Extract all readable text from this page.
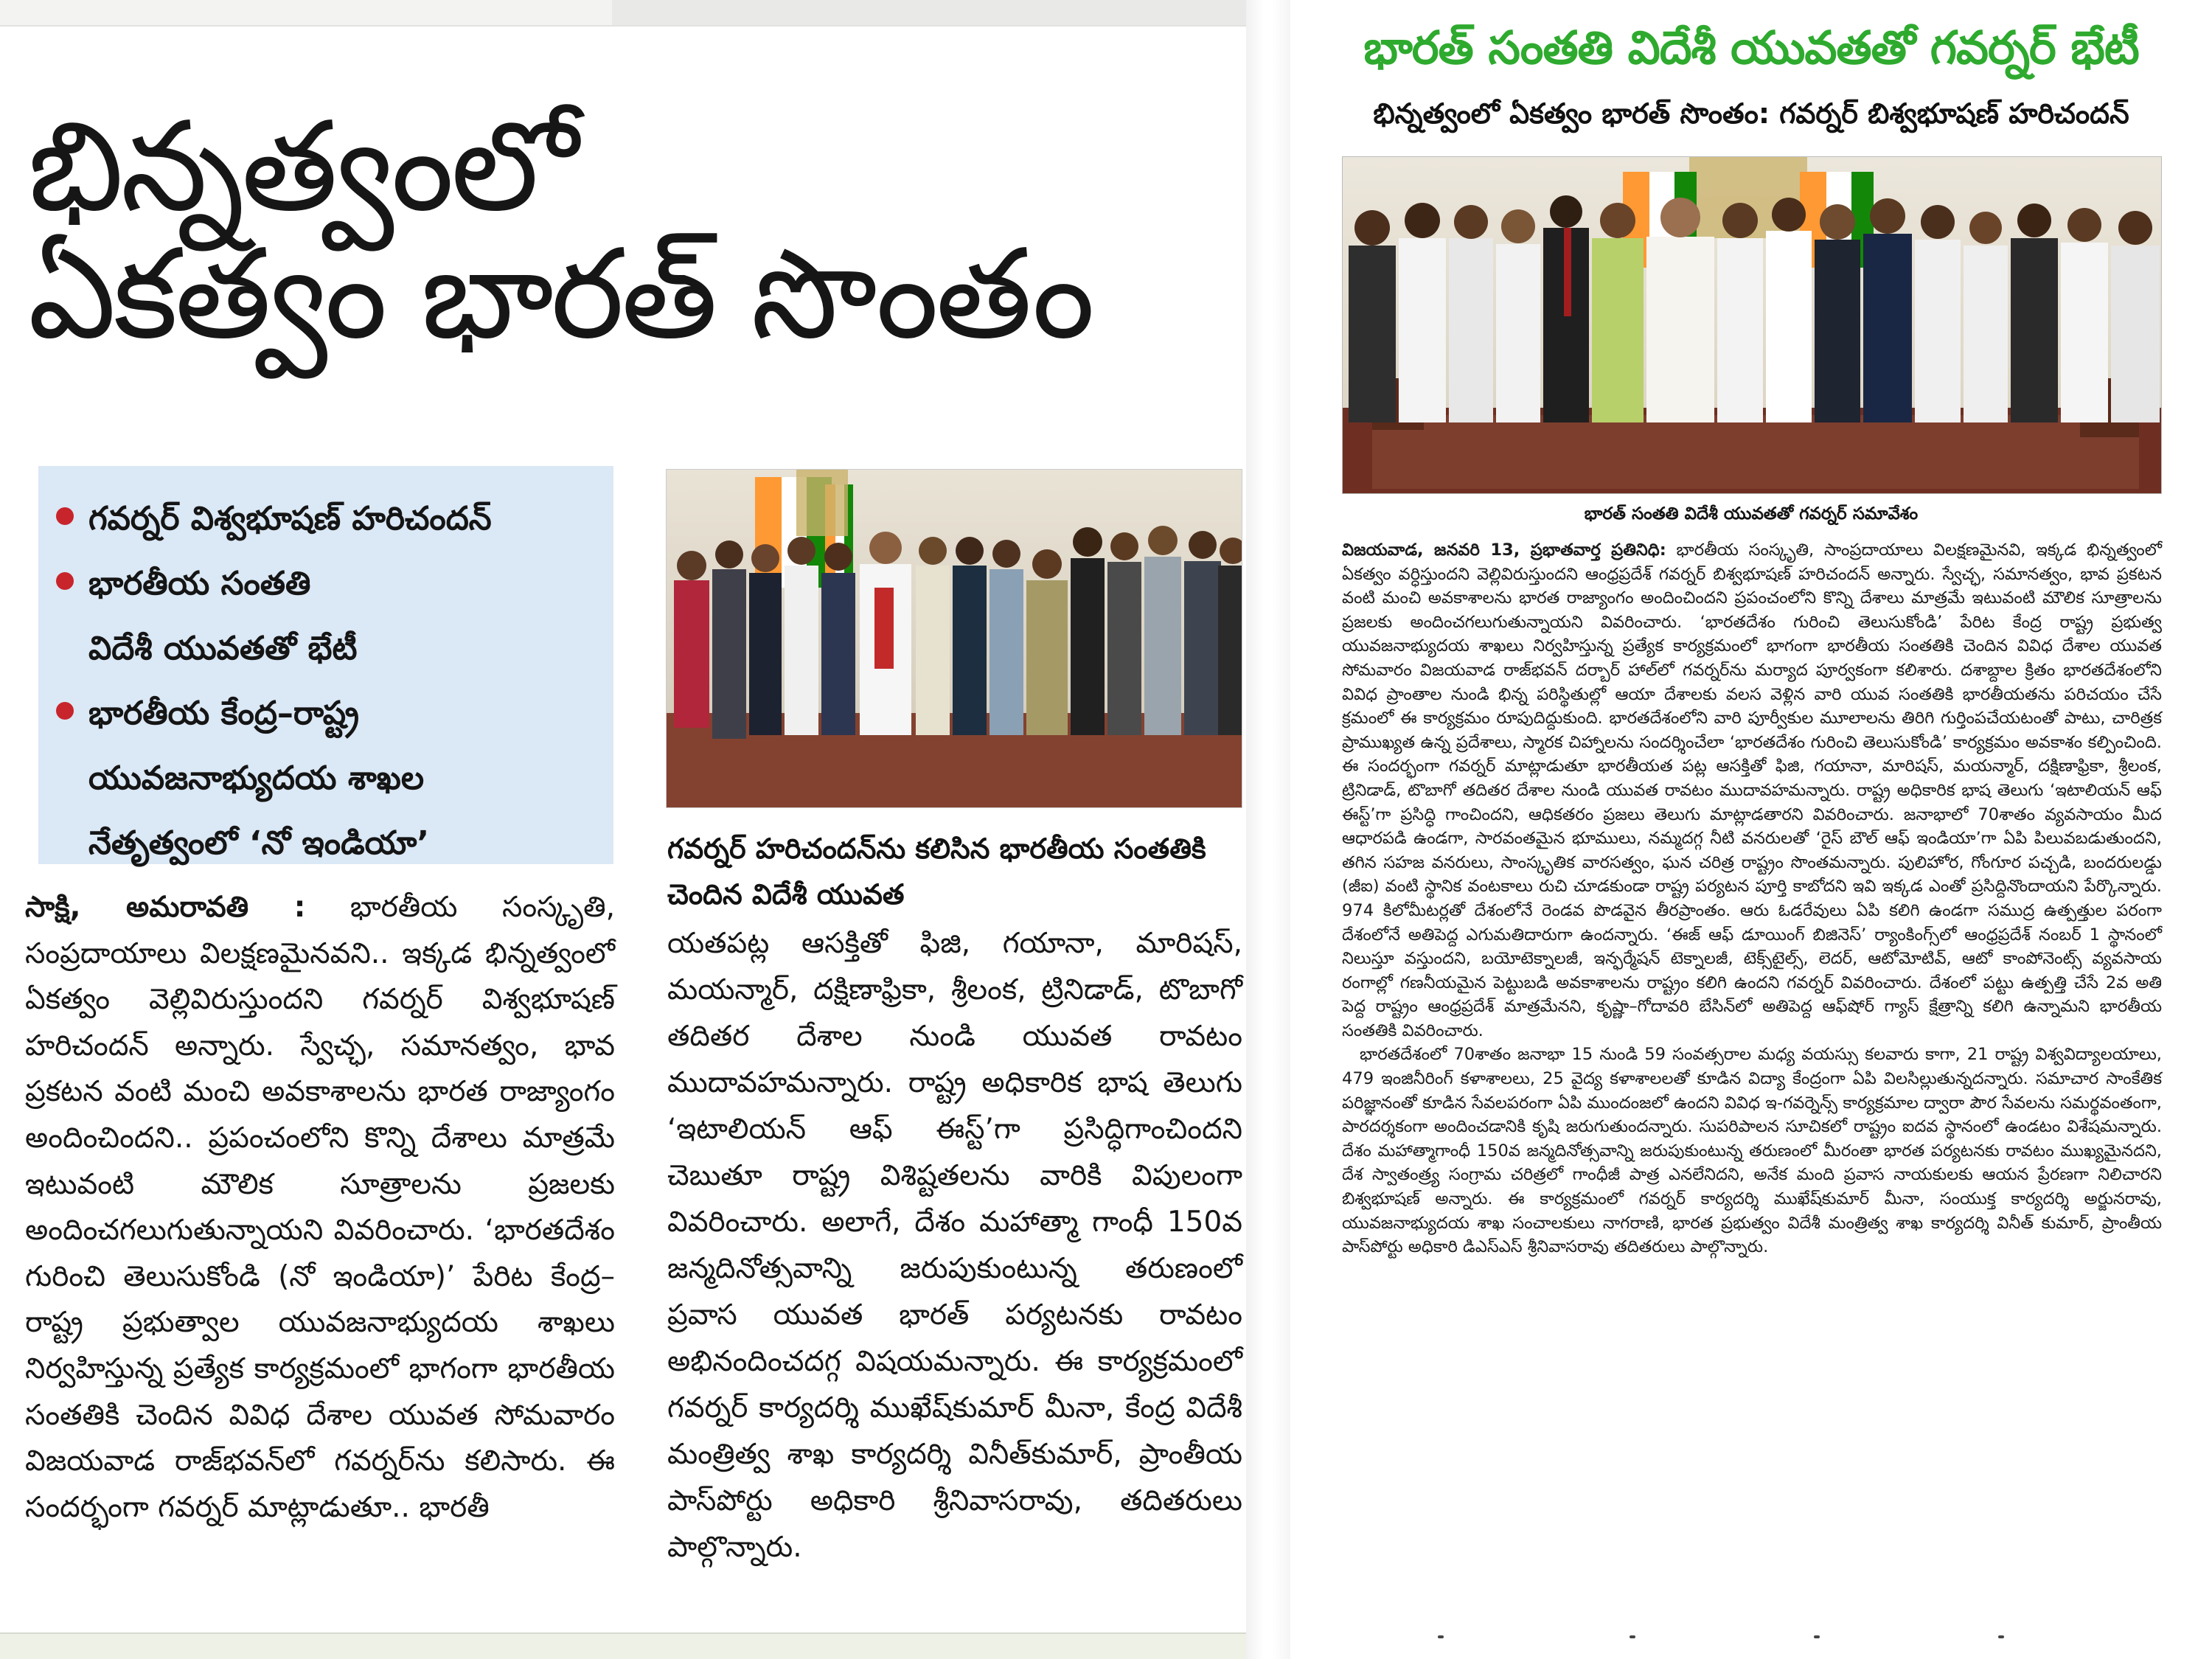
భిన్నత్వంలో
ఏకత్వం భారత్ సొంతం
గవర్నర్ విశ్వభూషణ్ హరిచందన్
భారతీయ సంతతి
విదేశీ యువతతో భేటీ
భారతీయ కేంద్ర–రాష్ట్ర
యువజనాభ్యుదయ శాఖల
నేతృత్వంలో ‘నో ఇండియా’	గవర్నర్ హరిచందన్‌ను కలిసిన భారతీయ సంతతికి చెందిన విదేశీ యువత
సాక్షి, అమరావతి : భారతీయ సంస్కృతి, సంప్రదాయాలు విలక్షణమైనవని.. ఇక్కడ భిన్నత్వంలో ఏకత్వం వెల్లివిరుస్తుందని గవర్నర్ విశ్వభూషణ్ హరిచందన్ అన్నారు. స్వేచ్ఛ, సమానత్వం, భావ ప్రకటన వంటి మంచి అవకాశాలను భారత రాజ్యాంగం అందించిందని.. ప్రపంచంలోని కొన్ని దేశాలు మాత్రమే ఇటువంటి మౌలిక సూత్రాలను ప్రజలకు అందించగలుగుతున్నాయని వివరించారు. ‘భారతదేశం గురించి తెలుసుకోండి (నో ఇండియా)’ పేరిట కేంద్ర–రాష్ట్ర ప్రభుత్వాల యువజనాభ్యుదయ శాఖలు నిర్వహిస్తున్న ప్రత్యేక కార్యక్రమంలో భాగంగా భారతీయ సంతతికి చెందిన వివిధ దేశాల యువత సోమవారం విజయవాడ రాజ్‌భవన్‌లో గవర్నర్‌ను కలిసారు. ఈ సందర్భంగా గవర్నర్ మాట్లాడుతూ.. భారతీ
యతపట్ల ఆసక్తితో ఫిజి, గయానా, మారిషస్, మయన్మార్, దక్షిణాఫ్రికా, శ్రీలంక, ట్రినిడాడ్, టొబాగో తదితర దేశాల నుండి యువత రావటం ముదావహమన్నారు. రాష్ట్ర అధికారిక భాష తెలుగు ‘ఇటాలియన్ ఆఫ్ ఈస్ట్’గా ప్రసిద్ధిగాంచిందని చెబుతూ రాష్ట్ర విశిష్టతలను వారికి విపులంగా వివరించారు. అలాగే, దేశం మహాత్మా గాంధీ 150వ జన్మదినోత్సవాన్ని జరుపుకుంటున్న తరుణంలో ప్రవాస యువత భారత్ పర్యటనకు రావటం అభినందించదగ్గ విషయమన్నారు. ఈ కార్యక్రమంలో గవర్నర్ కార్యదర్శి ముఖేష్‌కుమార్ మీనా, కేంద్ర విదేశీ మంత్రిత్వ శాఖ కార్యదర్శి వినీత్‌కుమార్, ప్రాంతీయ పాస్‌పోర్టు అధికారి శ్రీనివాసరావు, తదితరులు పాల్గొన్నారు.
భారత్ సంతతి విదేశీ యువతతో గవర్నర్ భేటీ
భిన్నత్వంలో ఏకత్వం భారత్ సొంతం: గవర్నర్ బిశ్వభూషణ్ హరిచందన్
భారత్ సంతతి విదేశీ యువతతో గవర్నర్ సమావేశం

విజయవాడ, జనవరి 13, ప్రభాతవార్త ప్రతినిధి: భారతీయ సంస్కృతి, సాంప్రదాయాలు విలక్షణమైనవి, ఇక్కడ భిన్నత్వంలో ఏకత్వం వర్ధిస్తుందని వెల్లివిరుస్తుందని ఆంధ్రప్రదేశ్ గవర్నర్ బిశ్వభూషణ్ హరిచందన్ అన్నారు. స్వేచ్ఛ, సమానత్వం, భావ ప్రకటన వంటి మంచి అవకాశాలను భారత రాజ్యాంగం అందించిందని ప్రపంచంలోని కొన్ని దేశాలు మాత్రమే ఇటువంటి మౌలిక సూత్రాలను ప్రజలకు అందించగలుగుతున్నాయని వివరించారు. ‘భారతదేశం గురించి తెలుసుకోండి’ పేరిట కేంద్ర రాష్ట్ర ప్రభుత్వ యువజనాభ్యుదయ శాఖలు నిర్వహిస్తున్న ప్రత్యేక కార్యక్రమంలో భాగంగా భారతీయ సంతతికి చెందిన వివిధ దేశాల యువత సోమవారం విజయవాడ రాజ్‌భవన్ దర్బార్ హాల్‌లో గవర్నర్‌ను మర్యాద పూర్వకంగా కలిశారు. దశాబ్దాల క్రితం భారతదేశంలోని వివిధ ప్రాంతాల నుండి భిన్న పరిస్థితుల్లో ఆయా దేశాలకు వలస వెళ్లిన వారి యువ సంతతికి భారతీయతను పరిచయం చేసే క్రమంలో ఈ కార్యక్రమం రూపుదిద్దుకుంది. భారతదేశంలోని వారి పూర్వీకుల మూలాలను తిరిగి గుర్తింపచేయటంతో పాటు, చారిత్రక ప్రాముఖ్యత ఉన్న ప్రదేశాలు, స్మారక చిహ్నాలను సందర్శించేలా ‘భారతదేశం గురించి తెలుసుకోండి’ కార్యక్రమం అవకాశం కల్పించింది. ఈ సందర్భంగా గవర్నర్ మాట్లాడుతూ భారతీయత పట్ల ఆసక్తితో ఫిజి, గయానా, మారిషస్, మయన్మార్, దక్షిణాఫ్రికా, శ్రీలంక, ట్రినిడాడ్, టొబాగో తదితర దేశాల నుండి యువత రావటం ముదావహమన్నారు. రాష్ట్ర అధికారిక భాష తెలుగు ‘ఇటాలియన్ ఆఫ్ ఈస్ట్’గా ప్రసిద్ధి గాంచిందని, ఆధికతరం ప్రజలు తెలుగు మాట్లాడతారని వివరించారు. జనాభాలో 70శాతం వ్యవసాయం మీద ఆధారపడి ఉండగా, సారవంతమైన భూములు, నమ్మదగ్గ నీటి వనరులతో ‘రైస్ బౌల్ ఆఫ్ ఇండియా’గా ఏపి పిలువబడుతుందని, తగిన సహజ వనరులు, సాంస్కృతిక వారసత్వం, ఘన చరిత్ర రాష్ట్రం సొంతమన్నారు. పులిహోర, గోంగూర పచ్చడి, బందరులడ్డు (జీఐ) వంటి స్థానిక వంటకాలు రుచి చూడకుండా రాష్ట్ర పర్యటన పూర్తి కాబోదని ఇవి ఇక్కడ ఎంతో ప్రసిద్దినొందాయని పేర్కొన్నారు. 974 కిలోమీటర్లతో దేశంలోనే రెండవ పొడవైన తీరప్రాంతం. ఆరు ఓడరేవులు ఏపి కలిగి ఉండగా సముద్ర ఉత్పత్తుల పరంగా దేశంలోనే అతిపెద్ద ఎగుమతిదారుగా ఉందన్నారు. ‘ఈజ్ ఆఫ్ డూయింగ్ బిజినెస్’ ర్యాంకింగ్స్‌లో ఆంధ్రప్రదేశ్ నంబర్ 1 స్థానంలో నిలుస్తూ వస్తుందని, బయోటెక్నాలజీ, ఇన్ఫర్మేషన్ టెక్నాలజీ, టెక్స్‌టైల్స్, లెదర్, ఆటోమోటివ్, ఆటో కాంపోనెంట్స్ వ్యవసాయ రంగాల్లో గణనీయమైన పెట్టుబడి అవకాశాలను రాష్ట్రం కలిగి ఉందని గవర్నర్ వివరించారు. దేశంలో పట్టు ఉత్పత్తి చేసే 2వ అతి పెద్ద రాష్ట్రం ఆంధ్రప్రదేశ్ మాత్రమేనని, కృష్ణా–గోదావరి బేసిన్‌లో అతిపెద్ద ఆఫ్‌షోర్ గ్యాస్ క్షేత్రాన్ని కలిగి ఉన్నామని భారతీయ సంతతికి వివరించారు.

భారతదేశంలో 70శాతం జనాభా 15 నుండి 59 సంవత్సరాల మధ్య వయస్సు కలవారు కాగా, 21 రాష్ట్ర విశ్వవిద్యాలయాలు, 479 ఇంజినీరింగ్ కళాశాలలు, 25 వైద్య కళాశాలలతో కూడిన విద్యా కేంద్రంగా ఏపి విలసిల్లుతున్నదన్నారు. సమాచార సాంకేతిక పరిజ్ఞానంతో కూడిన సేవలపరంగా ఏపి ముందంజలో ఉందని వివిధ ఇ-గవర్నెన్స్ కార్యక్రమాల ద్వారా పౌర సేవలను సమర్థవంతంగా, పారదర్శకంగా అందించడానికి కృషి జరుగుతుందన్నారు. సుపరిపాలన సూచికలో రాష్ట్రం ఐదవ స్థానంలో ఉండటం విశేషమన్నారు. దేశం మహాత్మాగాంధీ 150వ జన్మదినోత్సవాన్ని జరుపుకుంటున్న తరుణంలో మీరంతా భారత పర్యటనకు రావటం ముఖ్యమైనదని, దేశ స్వాతంత్ర్య సంగ్రామ చరిత్రలో గాంధీజీ పాత్ర ఎనలేనిదని, అనేక మంది ప్రవాస నాయకులకు ఆయన ప్రేరణగా నిలిచారని బిశ్వభూషణ్ అన్నారు. ఈ కార్యక్రమంలో గవర్నర్ కార్యదర్శి ముఖేష్‌కుమార్ మీనా, సంయుక్త కార్యదర్శి అర్జునరావు, యువజనాభ్యుదయ శాఖ సంచాలకులు నాగరాణి, భారత ప్రభుత్వం విదేశీ మంత్రిత్వ శాఖ కార్యదర్శి వినీత్ కుమార్, ప్రాంతీయ పాస్‌పోర్టు అధికారి డిఎస్ఎస్ శ్రీనివాసరావు తదితరులు పాల్గొన్నారు.
